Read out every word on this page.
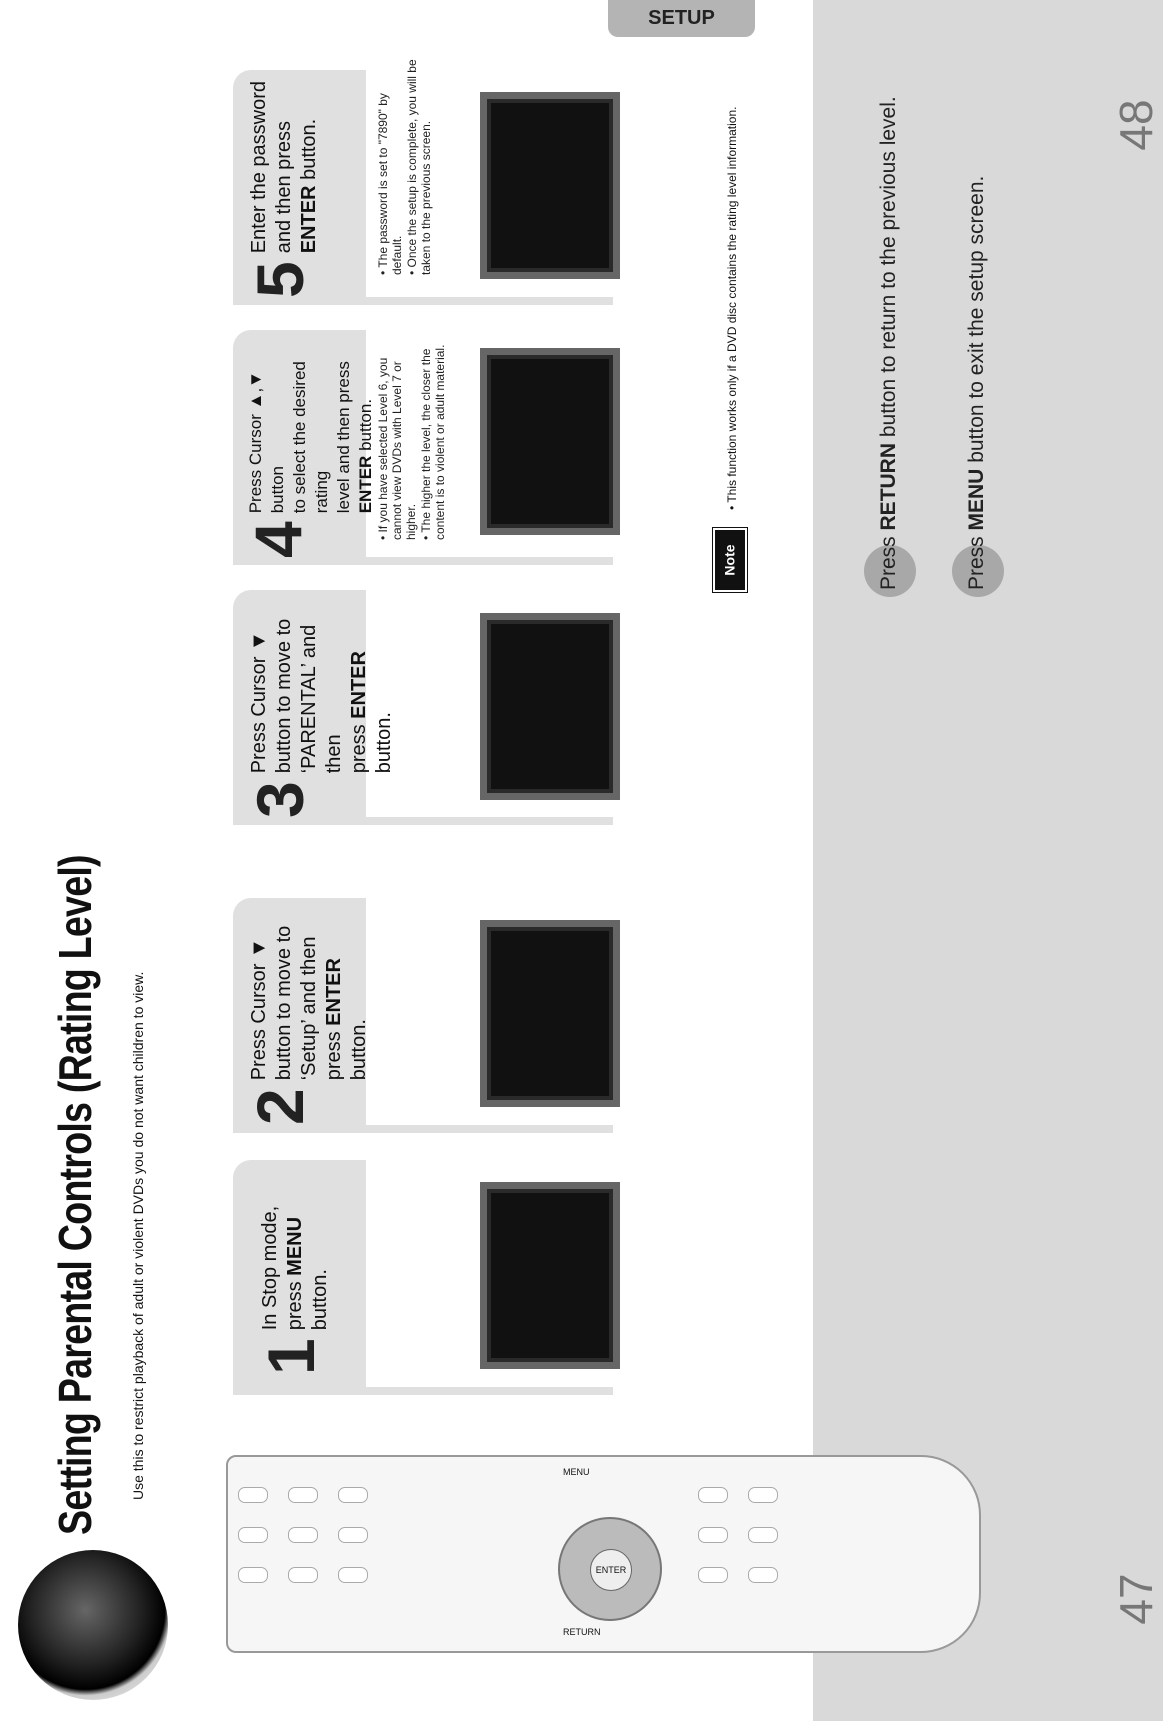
SETUP
47
48
Setting Parental Controls (Rating Level) Use this to restrict playback of adult or violent DVDs you do not want children to view. 1
In Stop mode, press MENU
button.
2
Press Cursor ▼ button to move to ‘Setup’ and then press ENTER button.
3
Press Cursor ▼ button to move to ‘PARENTAL’ and then press ENTER button.
4
Press Cursor ▲,▼ button to select the desired rating level and then press ENTER button.
5
Enter the password and then press ENTER button.
• If you have selected Level 6, you cannot view DVDs with Level 7 or higher. • The higher the level, the closer the content is to violent or adult material.
• The password is set to "7890" by default. • Once the setup is complete, you will be taken to the previous screen.
Note
• This function works only if a DVD disc contains the rating level information.
Press RETURN button to return to the previous level.
Press MENU button to exit the setup screen.
ENTER
MENU
RETURN
